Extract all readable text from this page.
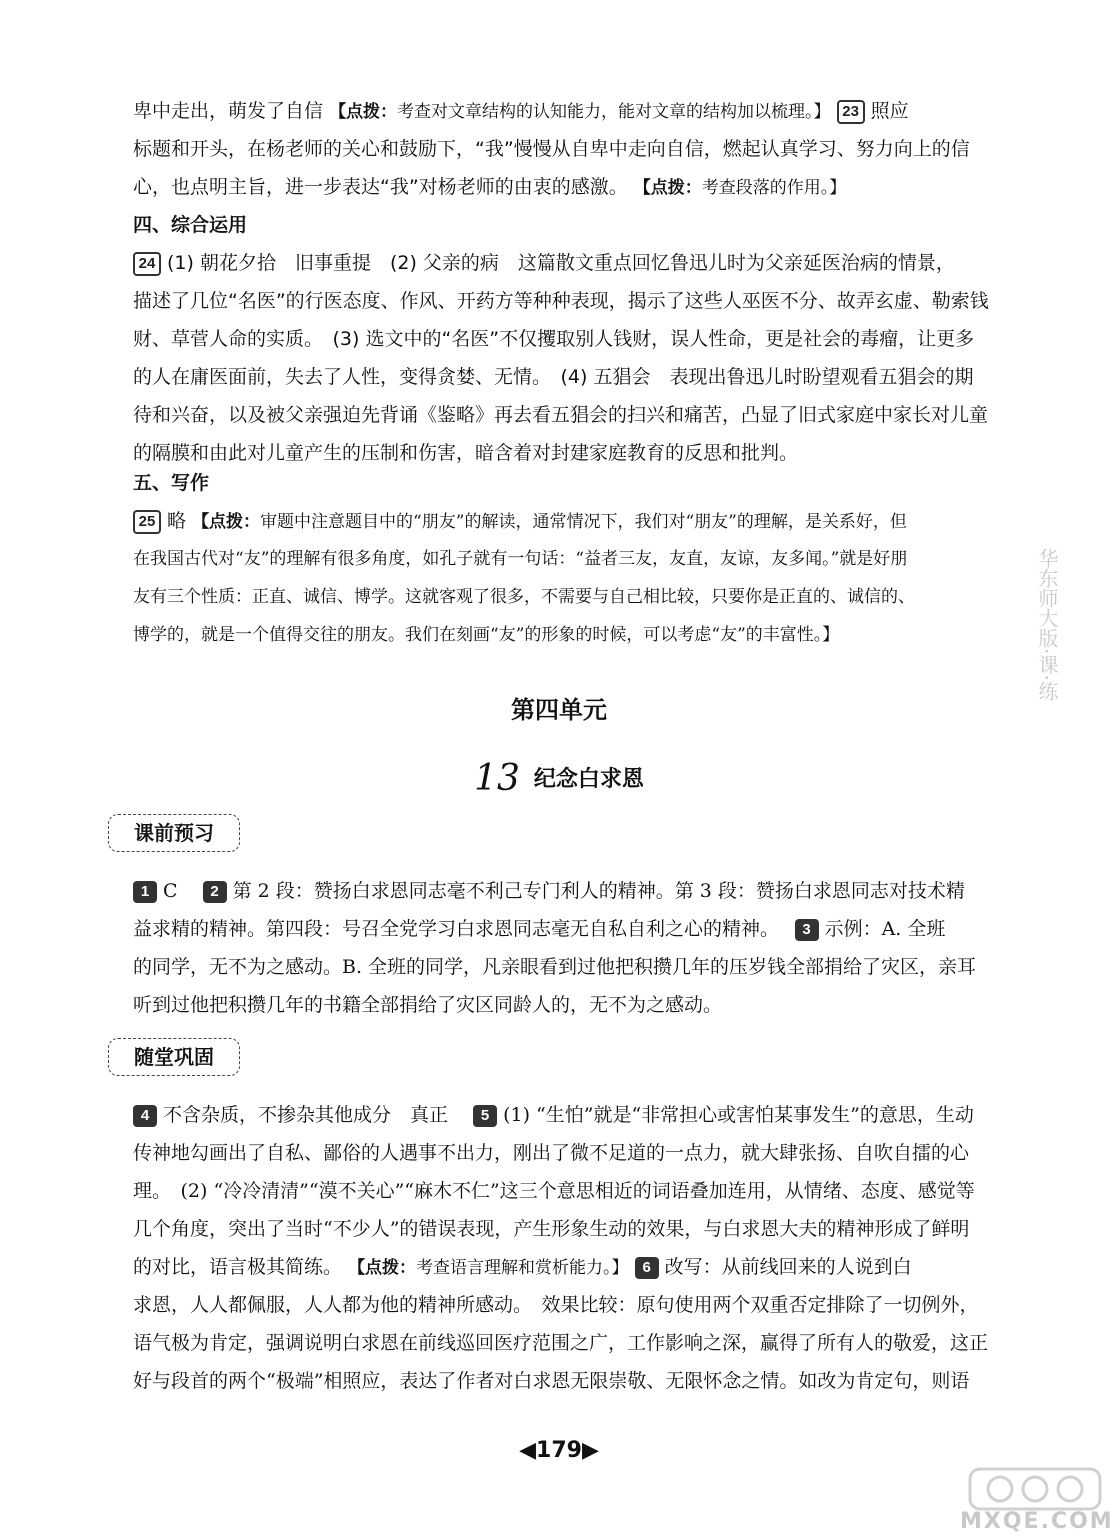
卑中走出，萌发了自信 【点拨：考查对文章结构的认知能力，能对文章的结构加以梳理。】 23 照应
标题和开头，在杨老师的关心和鼓励下，“我”慢慢从自卑中走向自信，燃起认真学习、努力向上的信
心，也点明主旨，进一步表达“我”对杨老师的由衷的感激。 【点拨：考查段落的作用。】
四、综合运用
24 (1) 朝花夕拾　旧事重提　(2) 父亲的病　这篇散文重点回忆鲁迅儿时为父亲延医治病的情景，
描述了几位“名医”的行医态度、作风、开药方等种种表现，揭示了这些人巫医不分、故弄玄虚、勒索钱
财、草菅人命的实质。　(3) 选文中的“名医”不仅攫取别人钱财，误人性命，更是社会的毒瘤，让更多
的人在庸医面前，失去了人性，变得贪婪、无情。　(4) 五猖会　表现出鲁迅儿时盼望观看五猖会的期
待和兴奋，以及被父亲强迫先背诵《鉴略》再去看五猖会的扫兴和痛苦，凸显了旧式家庭中家长对儿童
的隔膜和由此对儿童产生的压制和伤害，暗含着对封建家庭教育的反思和批判。
五、写作
25 略 【点拨：审题中注意题目中的“朋友”的解读，通常情况下，我们对“朋友”的理解，是关系好，但
在我国古代对“友”的理解有很多角度，如孔子就有一句话：“益者三友，友直，友谅，友多闻。”就是好朋
友有三个性质：正直、诚信、博学。这就客观了很多，不需要与自己相比较，只要你是正直的、诚信的、
博学的，就是一个值得交往的朋友。我们在刻画“友”的形象的时候，可以考虑“友”的丰富性。】
第四单元
13 纪念白求恩
课前预习
1 C　 2 第 2 段：赞扬白求恩同志毫不利己专门利人的精神。第 3 段：赞扬白求恩同志对技术精
益求精的精神。第四段：号召全党学习白求恩同志毫无自私自利之心的精神。　 3 示例：A. 全班
的同学，无不为之感动。B. 全班的同学，凡亲眼看到过他把积攒几年的压岁钱全部捐给了灾区，亲耳
听到过他把积攒几年的书籍全部捐给了灾区同龄人的，无不为之感动。
随堂巩固
4 不含杂质，不掺杂其他成分　真正　 5 (1) “生怕”就是“非常担心或害怕某事发生”的意思，生动
传神地勾画出了自私、鄙俗的人遇事不出力，刚出了微不足道的一点力，就大肆张扬、自吹自擂的心
理。　(2) “冷冷清清”“漠不关心”“麻木不仁”这三个意思相近的词语叠加连用，从情绪、态度、感觉等
几个角度，突出了当时“不少人”的错误表现，产生形象生动的效果，与白求恩大夫的精神形成了鲜明
的对比，语言极其简练。 【点拨：考查语言理解和赏析能力。】 6 改写：从前线回来的人说到白
求恩，人人都佩服，人人都为他的精神所感动。　效果比较：原句使用两个双重否定排除了一切例外，
语气极为肯定，强调说明白求恩在前线巡回医疗范围之广，工作影响之深，赢得了所有人的敬爱，这正
好与段首的两个“极端”相照应，表达了作者对白求恩无限崇敬、无限怀念之情。如改为肯定句，则语
华东师大版·课·练
◀179▶
MXQE.COM
